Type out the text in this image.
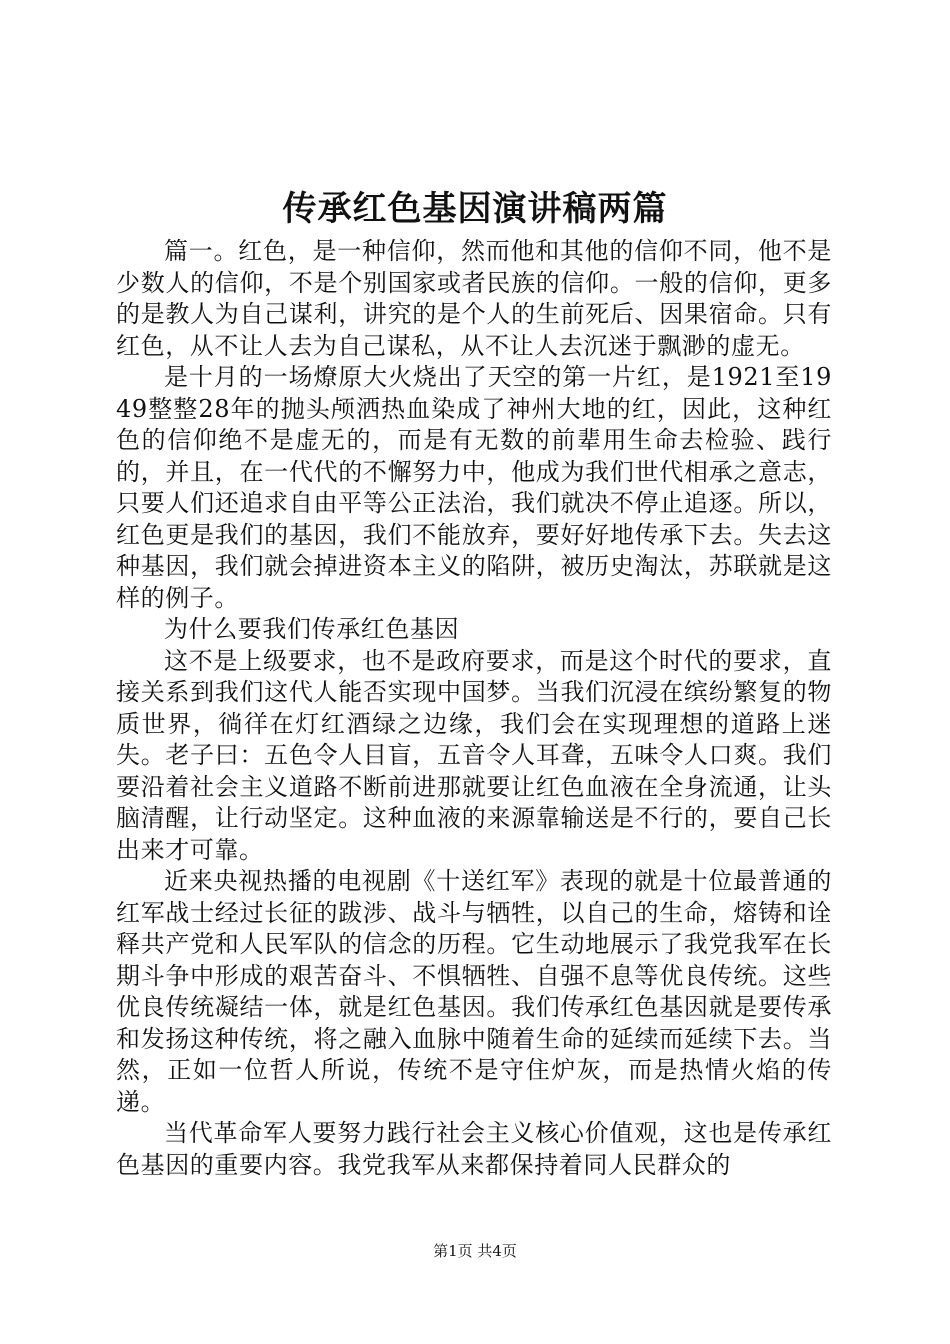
传承红色基因演讲稿两篇

篇一。红色，是一种信仰，然而他和其他的信仰不同，他不是少数人的信仰，不是个别国家或者民族的信仰。一般的信仰，更多的是教人为自己谋利，讲究的是个人的生前死后、因果宿命。只有红色，从不让人去为自己谋私，从不让人去沉迷于飘渺的虚无。

是十月的一场燎原大火烧出了天空的第一片红，是1921至1949整整28年的抛头颅洒热血染成了神州大地的红，因此，这种红色的信仰绝不是虚无的，而是有无数的前辈用生命去检验、践行的，并且，在一代代的不懈努力中，他成为我们世代相承之意志，只要人们还追求自由平等公正法治，我们就决不停止追逐。所以，红色更是我们的基因，我们不能放弃，要好好地传承下去。失去这种基因，我们就会掉进资本主义的陷阱，被历史淘汰，苏联就是这样的例子。

为什么要我们传承红色基因

这不是上级要求，也不是政府要求，而是这个时代的要求，直接关系到我们这代人能否实现中国梦。当我们沉浸在缤纷繁复的物质世界，徜徉在灯红酒绿之边缘，我们会在实现理想的道路上迷失。老子曰：五色令人目盲，五音令人耳聋，五味令人口爽。我们要沿着社会主义道路不断前进那就要让红色血液在全身流通，让头脑清醒，让行动坚定。这种血液的来源靠输送是不行的，要自己长出来才可靠。

近来央视热播的电视剧《十送红军》表现的就是十位最普通的红军战士经过长征的跋涉、战斗与牺牲，以自己的生命，熔铸和诠释共产党和人民军队的信念的历程。它生动地展示了我党我军在长期斗争中形成的艰苦奋斗、不惧牺牲、自强不息等优良传统。这些优良传统凝结一体，就是红色基因。我们传承红色基因就是要传承和发扬这种传统，将之融入血脉中随着生命的延续而延续下去。当然，正如一位哲人所说，传统不是守住炉灰，而是热情火焰的传递。

当代革命军人要努力践行社会主义核心价值观，这也是传承红色基因的重要内容。我党我军从来都保持着同人民群众的

第1页 共4页
